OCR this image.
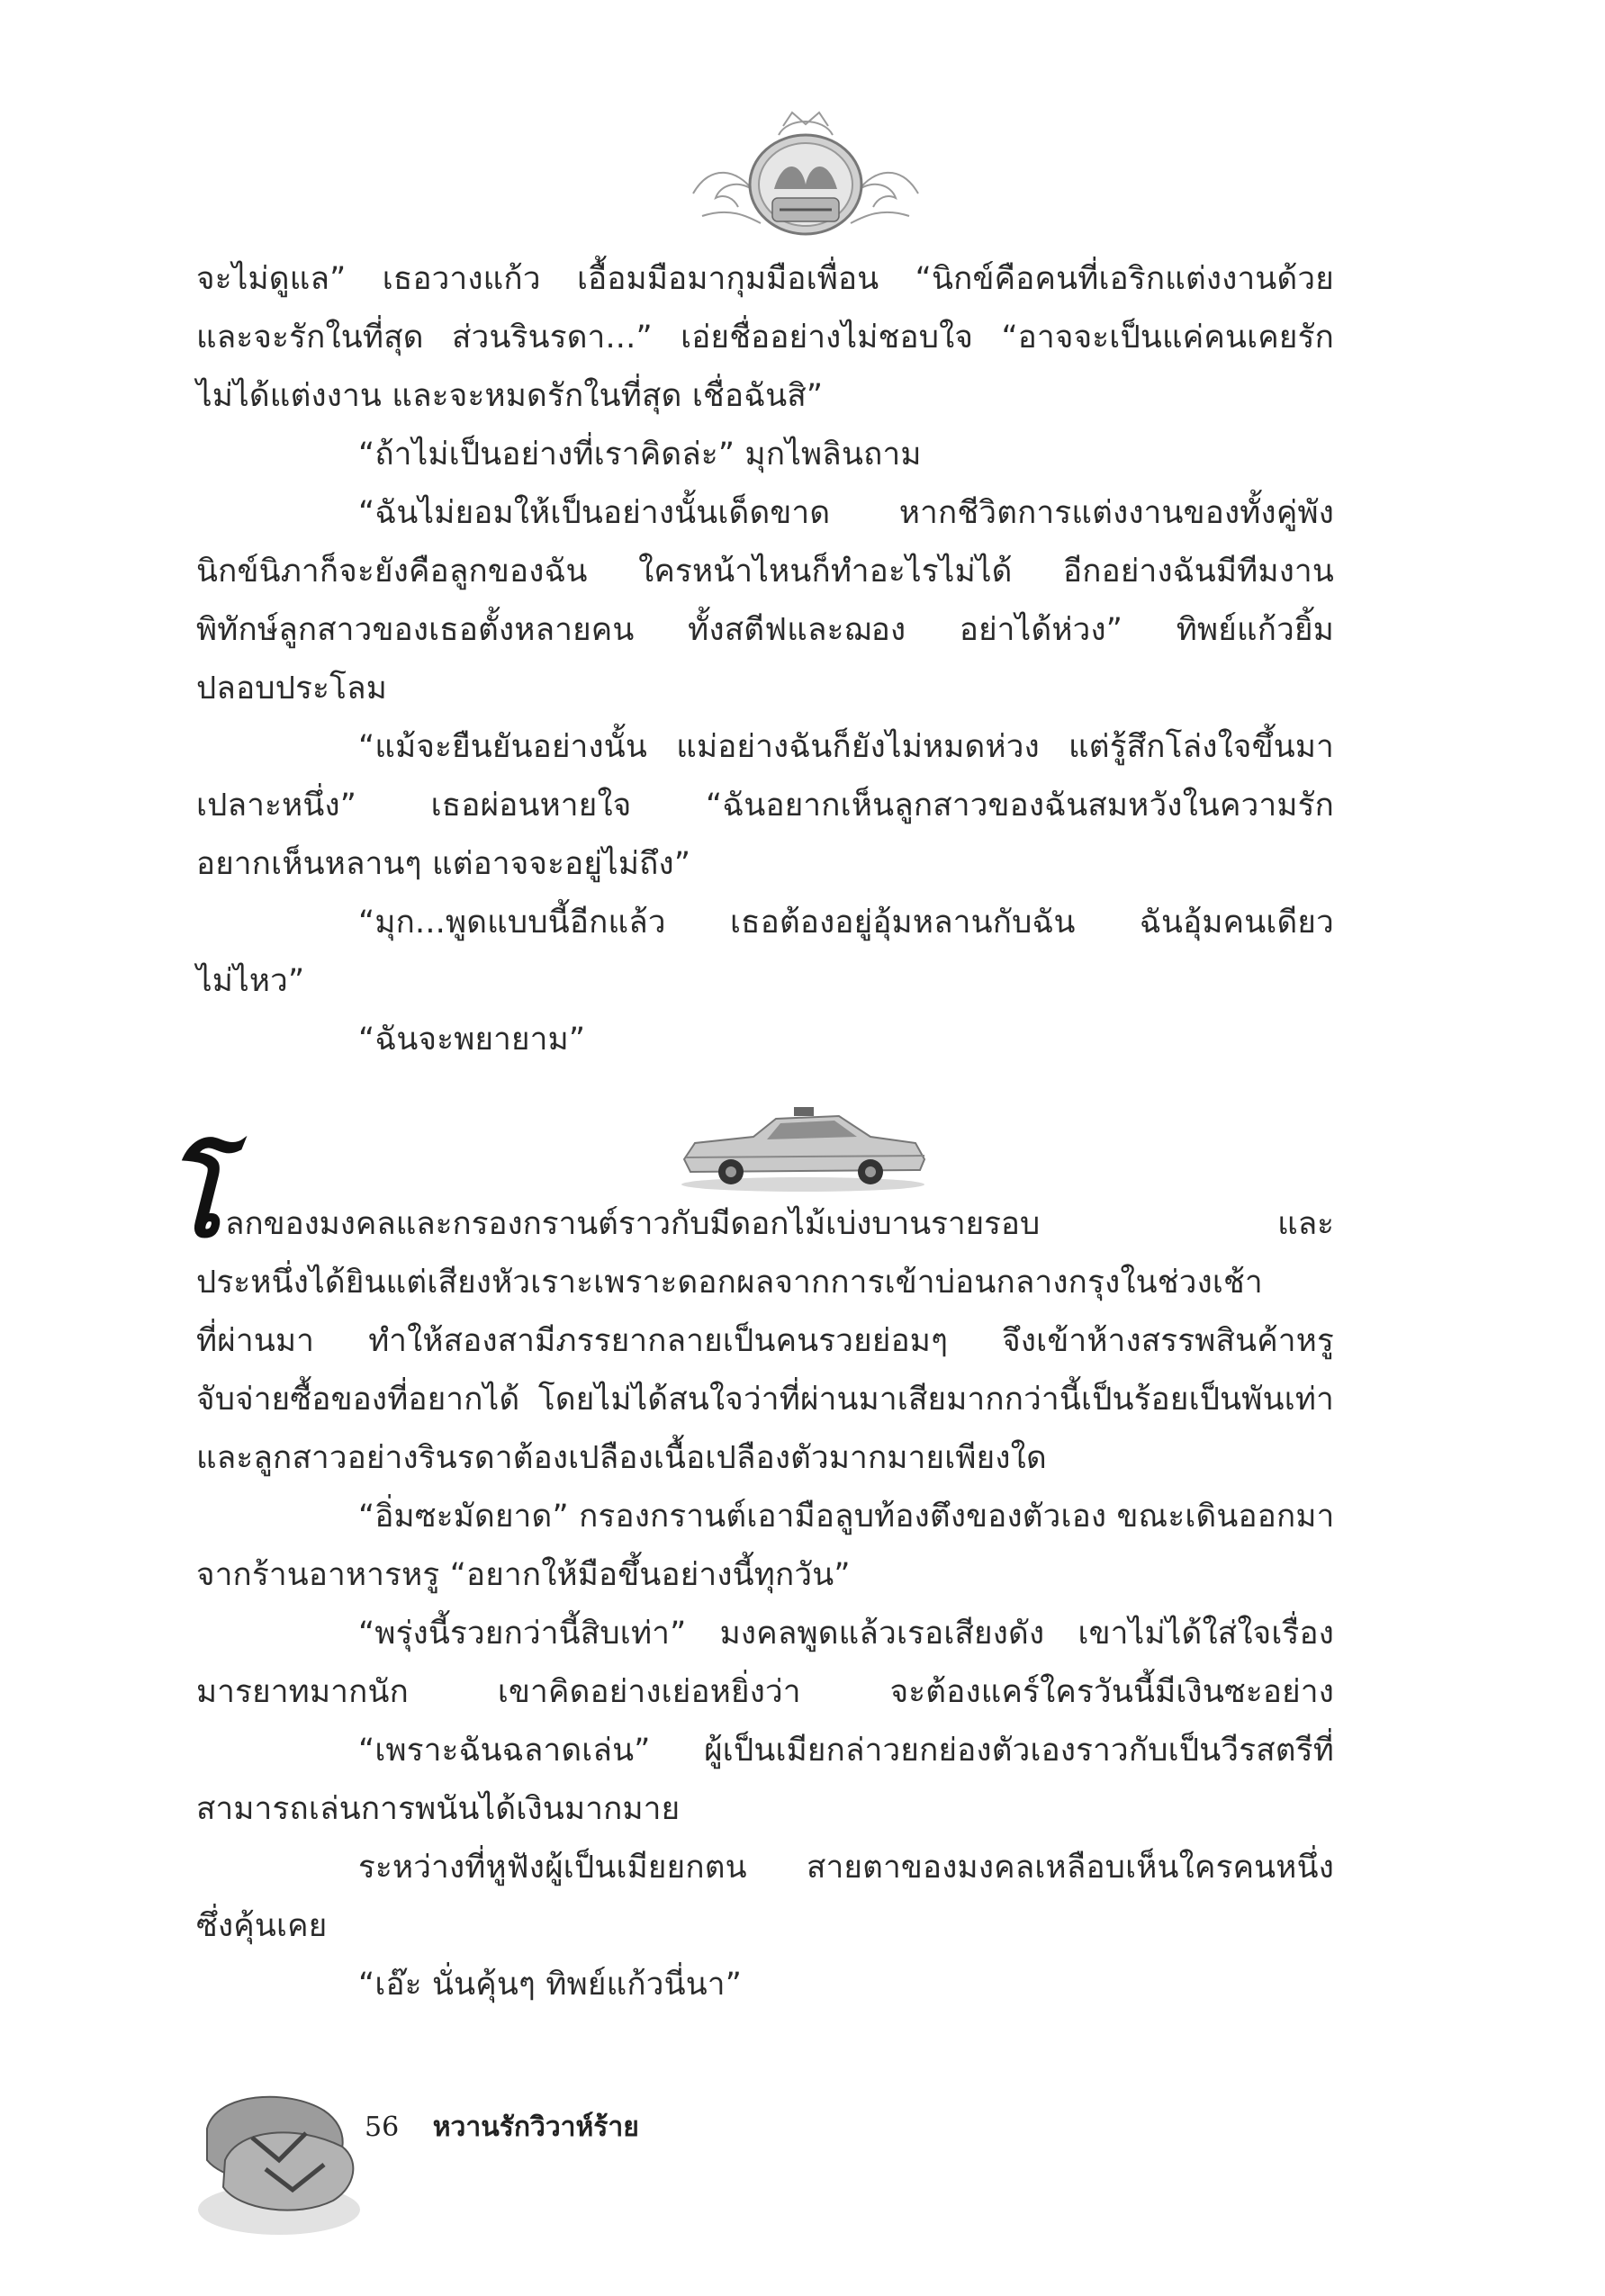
จะไม่ดูแล” เธอวางแก้ว เอื้อมมือมากุมมือเพื่อน “นิกข์คือคนที่เอริกแต่งงานด้วย
และจะรักในที่สุด ส่วนรินรดา...” เอ่ยชื่ออย่างไม่ชอบใจ “อาจจะเป็นแค่คนเคยรัก
ไม่ได้แต่งงาน และจะหมดรักในที่สุด เชื่อฉันสิ”
“ถ้าไม่เป็นอย่างที่เราคิดล่ะ” มุกไพลินถาม
“ฉันไม่ยอมให้เป็นอย่างนั้นเด็ดขาด หากชีวิตการแต่งงานของทั้งคู่พัง
นิกข์นิภาก็จะยังคือลูกของฉัน ใครหน้าไหนก็ทำอะไรไม่ได้ อีกอย่างฉันมีทีมงาน
พิทักษ์ลูกสาวของเธอตั้งหลายคน ทั้งสตีฟและฌอง อย่าได้ห่วง” ทิพย์แก้วยิ้ม
ปลอบประโลม
“แม้จะยืนยันอย่างนั้น แม่อย่างฉันก็ยังไม่หมดห่วง แต่รู้สึกโล่งใจขึ้นมา
เปลาะหนึ่ง” เธอผ่อนหายใจ “ฉันอยากเห็นลูกสาวของฉันสมหวังในความรัก
อยากเห็นหลานๆ แต่อาจจะอยู่ไม่ถึง”
“มุก...พูดแบบนี้อีกแล้ว เธอต้องอยู่อุ้มหลานกับฉัน ฉันอุ้มคนเดียว
ไม่ไหว”
“ฉันจะพยายาม”
โ ลกของมงคลและกรองกรานต์ราวกับมีดอกไม้เบ่งบานรายรอบ และ
ประหนึ่งได้ยินแต่เสียงหัวเราะเพราะดอกผลจากการเข้าบ่อนกลางกรุงในช่วงเช้า
ที่ผ่านมา ทำให้สองสามีภรรยากลายเป็นคนรวยย่อมๆ จึงเข้าห้างสรรพสินค้าหรู
จับจ่ายซื้อของที่อยากได้ โดยไม่ได้สนใจว่าที่ผ่านมาเสียมากกว่านี้เป็นร้อยเป็นพันเท่า
และลูกสาวอย่างรินรดาต้องเปลืองเนื้อเปลืองตัวมากมายเพียงใด
“อิ่มซะมัดยาด” กรองกรานต์เอามือลูบท้องตึงของตัวเอง ขณะเดินออกมา
จากร้านอาหารหรู “อยากให้มือขึ้นอย่างนี้ทุกวัน”
“พรุ่งนี้รวยกว่านี้สิบเท่า” มงคลพูดแล้วเรอเสียงดัง เขาไม่ได้ใส่ใจเรื่อง
มารยาทมากนัก เขาคิดอย่างเย่อหยิ่งว่า จะต้องแคร์ใครวันนี้มีเงินซะอย่าง
“เพราะฉันฉลาดเล่น” ผู้เป็นเมียกล่าวยกย่องตัวเองราวกับเป็นวีรสตรีที่
สามารถเล่นการพนันได้เงินมากมาย
ระหว่างที่หูฟังผู้เป็นเมียยกตน สายตาของมงคลเหลือบเห็นใครคนหนึ่ง
ซึ่งคุ้นเคย
“เอ๊ะ นั่นคุ้นๆ ทิพย์แก้วนี่นา”
56 หวานรักวิวาห์ร้าย
